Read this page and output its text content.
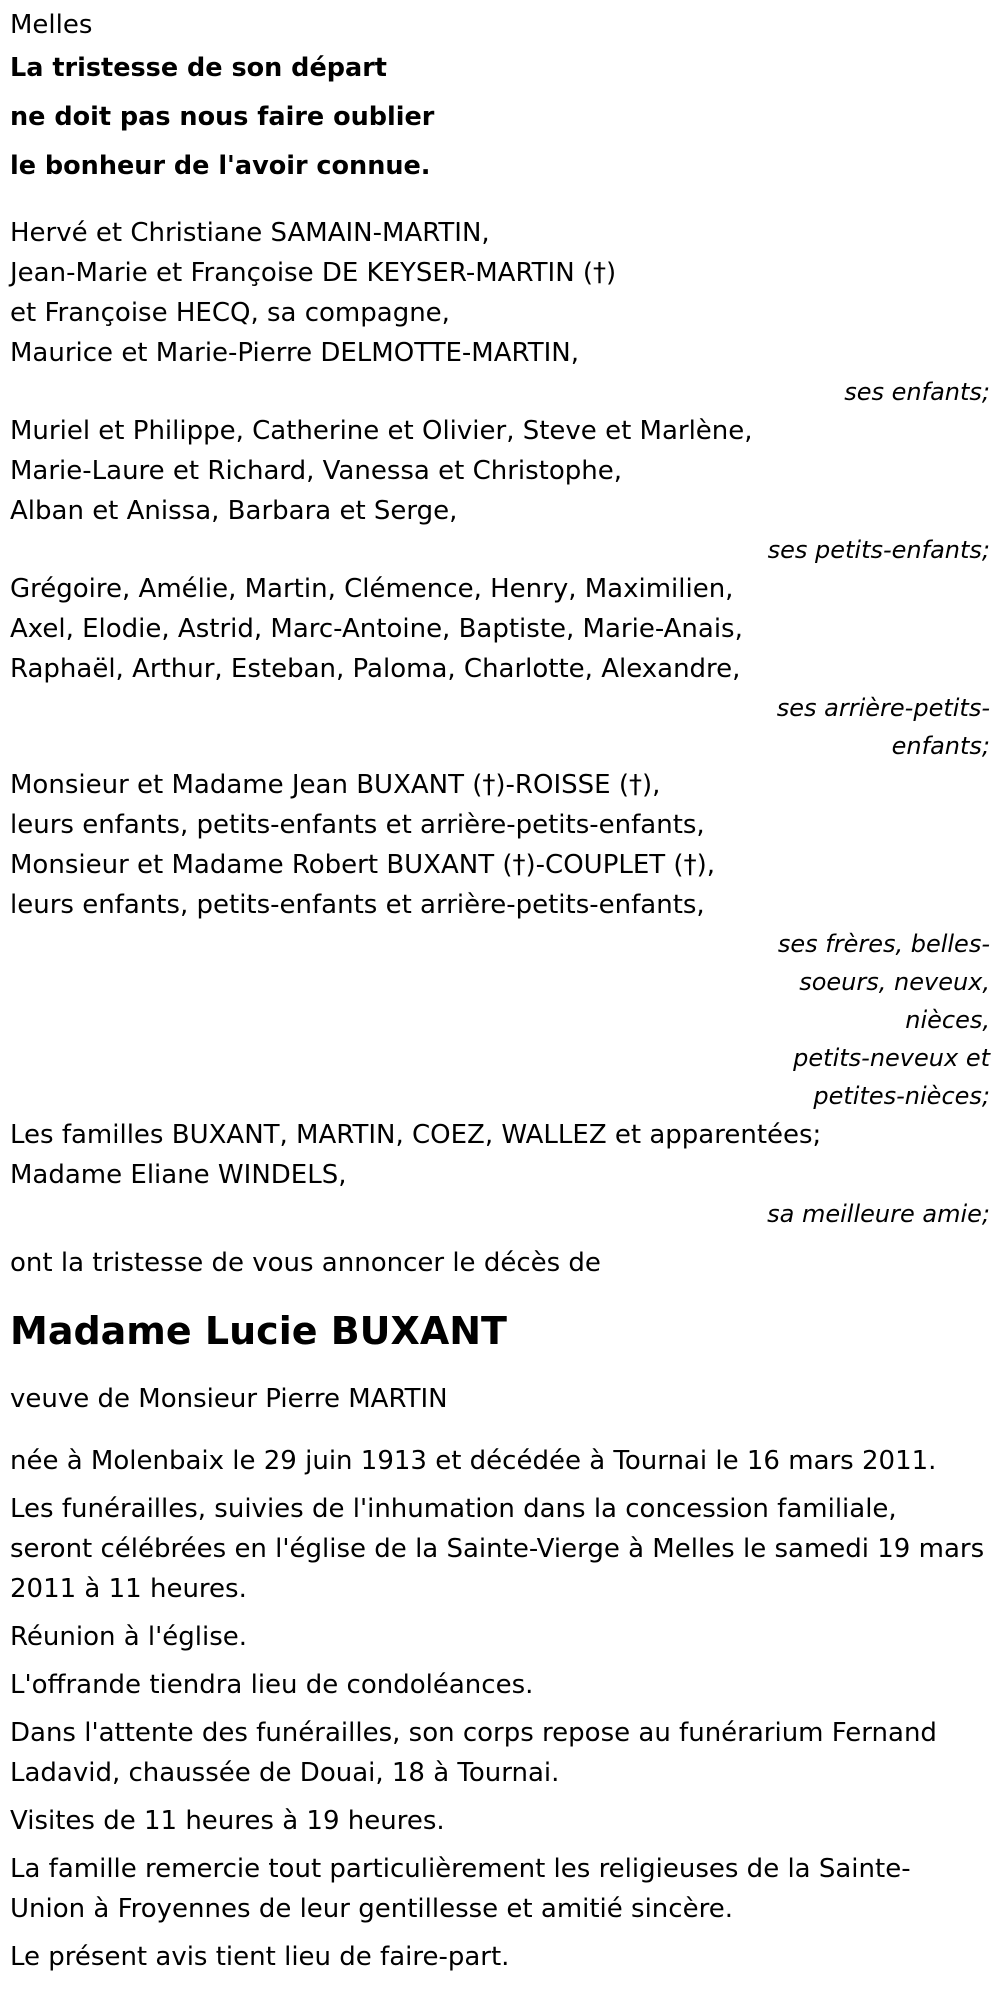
Melles
La tristesse de son départ
ne doit pas nous faire oublier
le bonheur de l'avoir connue.
Hervé et Christiane SAMAIN-MARTIN,
Jean-Marie et Françoise DE KEYSER-MARTIN (†)
et Françoise HECQ, sa compagne,
Maurice et Marie-Pierre DELMOTTE-MARTIN,
ses enfants;
Muriel et Philippe, Catherine et Olivier, Steve et Marlène,
Marie-Laure et Richard, Vanessa et Christophe,
Alban et Anissa, Barbara et Serge,
ses petits-enfants;
Grégoire, Amélie, Martin, Clémence, Henry, Maximilien,
Axel, Elodie, Astrid, Marc-Antoine, Baptiste, Marie-Anais,
Raphaël, Arthur, Esteban, Paloma, Charlotte, Alexandre,
ses arrière-petits-
enfants;
Monsieur et Madame Jean BUXANT (†)-ROISSE (†),
leurs enfants, petits-enfants et arrière-petits-enfants,
Monsieur et Madame Robert BUXANT (†)-COUPLET (†),
leurs enfants, petits-enfants et arrière-petits-enfants,
ses frères, belles-
soeurs, neveux,
nièces,
petits-neveux et
petites-nièces;
Les familles BUXANT, MARTIN, COEZ, WALLEZ et apparentées;
Madame Eliane WINDELS,
sa meilleure amie;
ont la tristesse de vous annoncer le décès de
Madame Lucie BUXANT
veuve de Monsieur Pierre MARTIN
née à Molenbaix le 29 juin 1913 et décédée à Tournai le 16 mars 2011.
Les funérailles, suivies de l'inhumation dans la concession familiale, seront célébrées en l'église de la Sainte-Vierge à Melles le samedi 19 mars 2011 à 11 heures.
Réunion à l'église.
L'offrande tiendra lieu de condoléances.
Dans l'attente des funérailles, son corps repose au funérarium Fernand Ladavid, chaussée de Douai, 18 à Tournai.
Visites de 11 heures à 19 heures.
La famille remercie tout particulièrement les religieuses de la Sainte-Union à Froyennes de leur gentillesse et amitié sincère.
Le présent avis tient lieu de faire-part.
